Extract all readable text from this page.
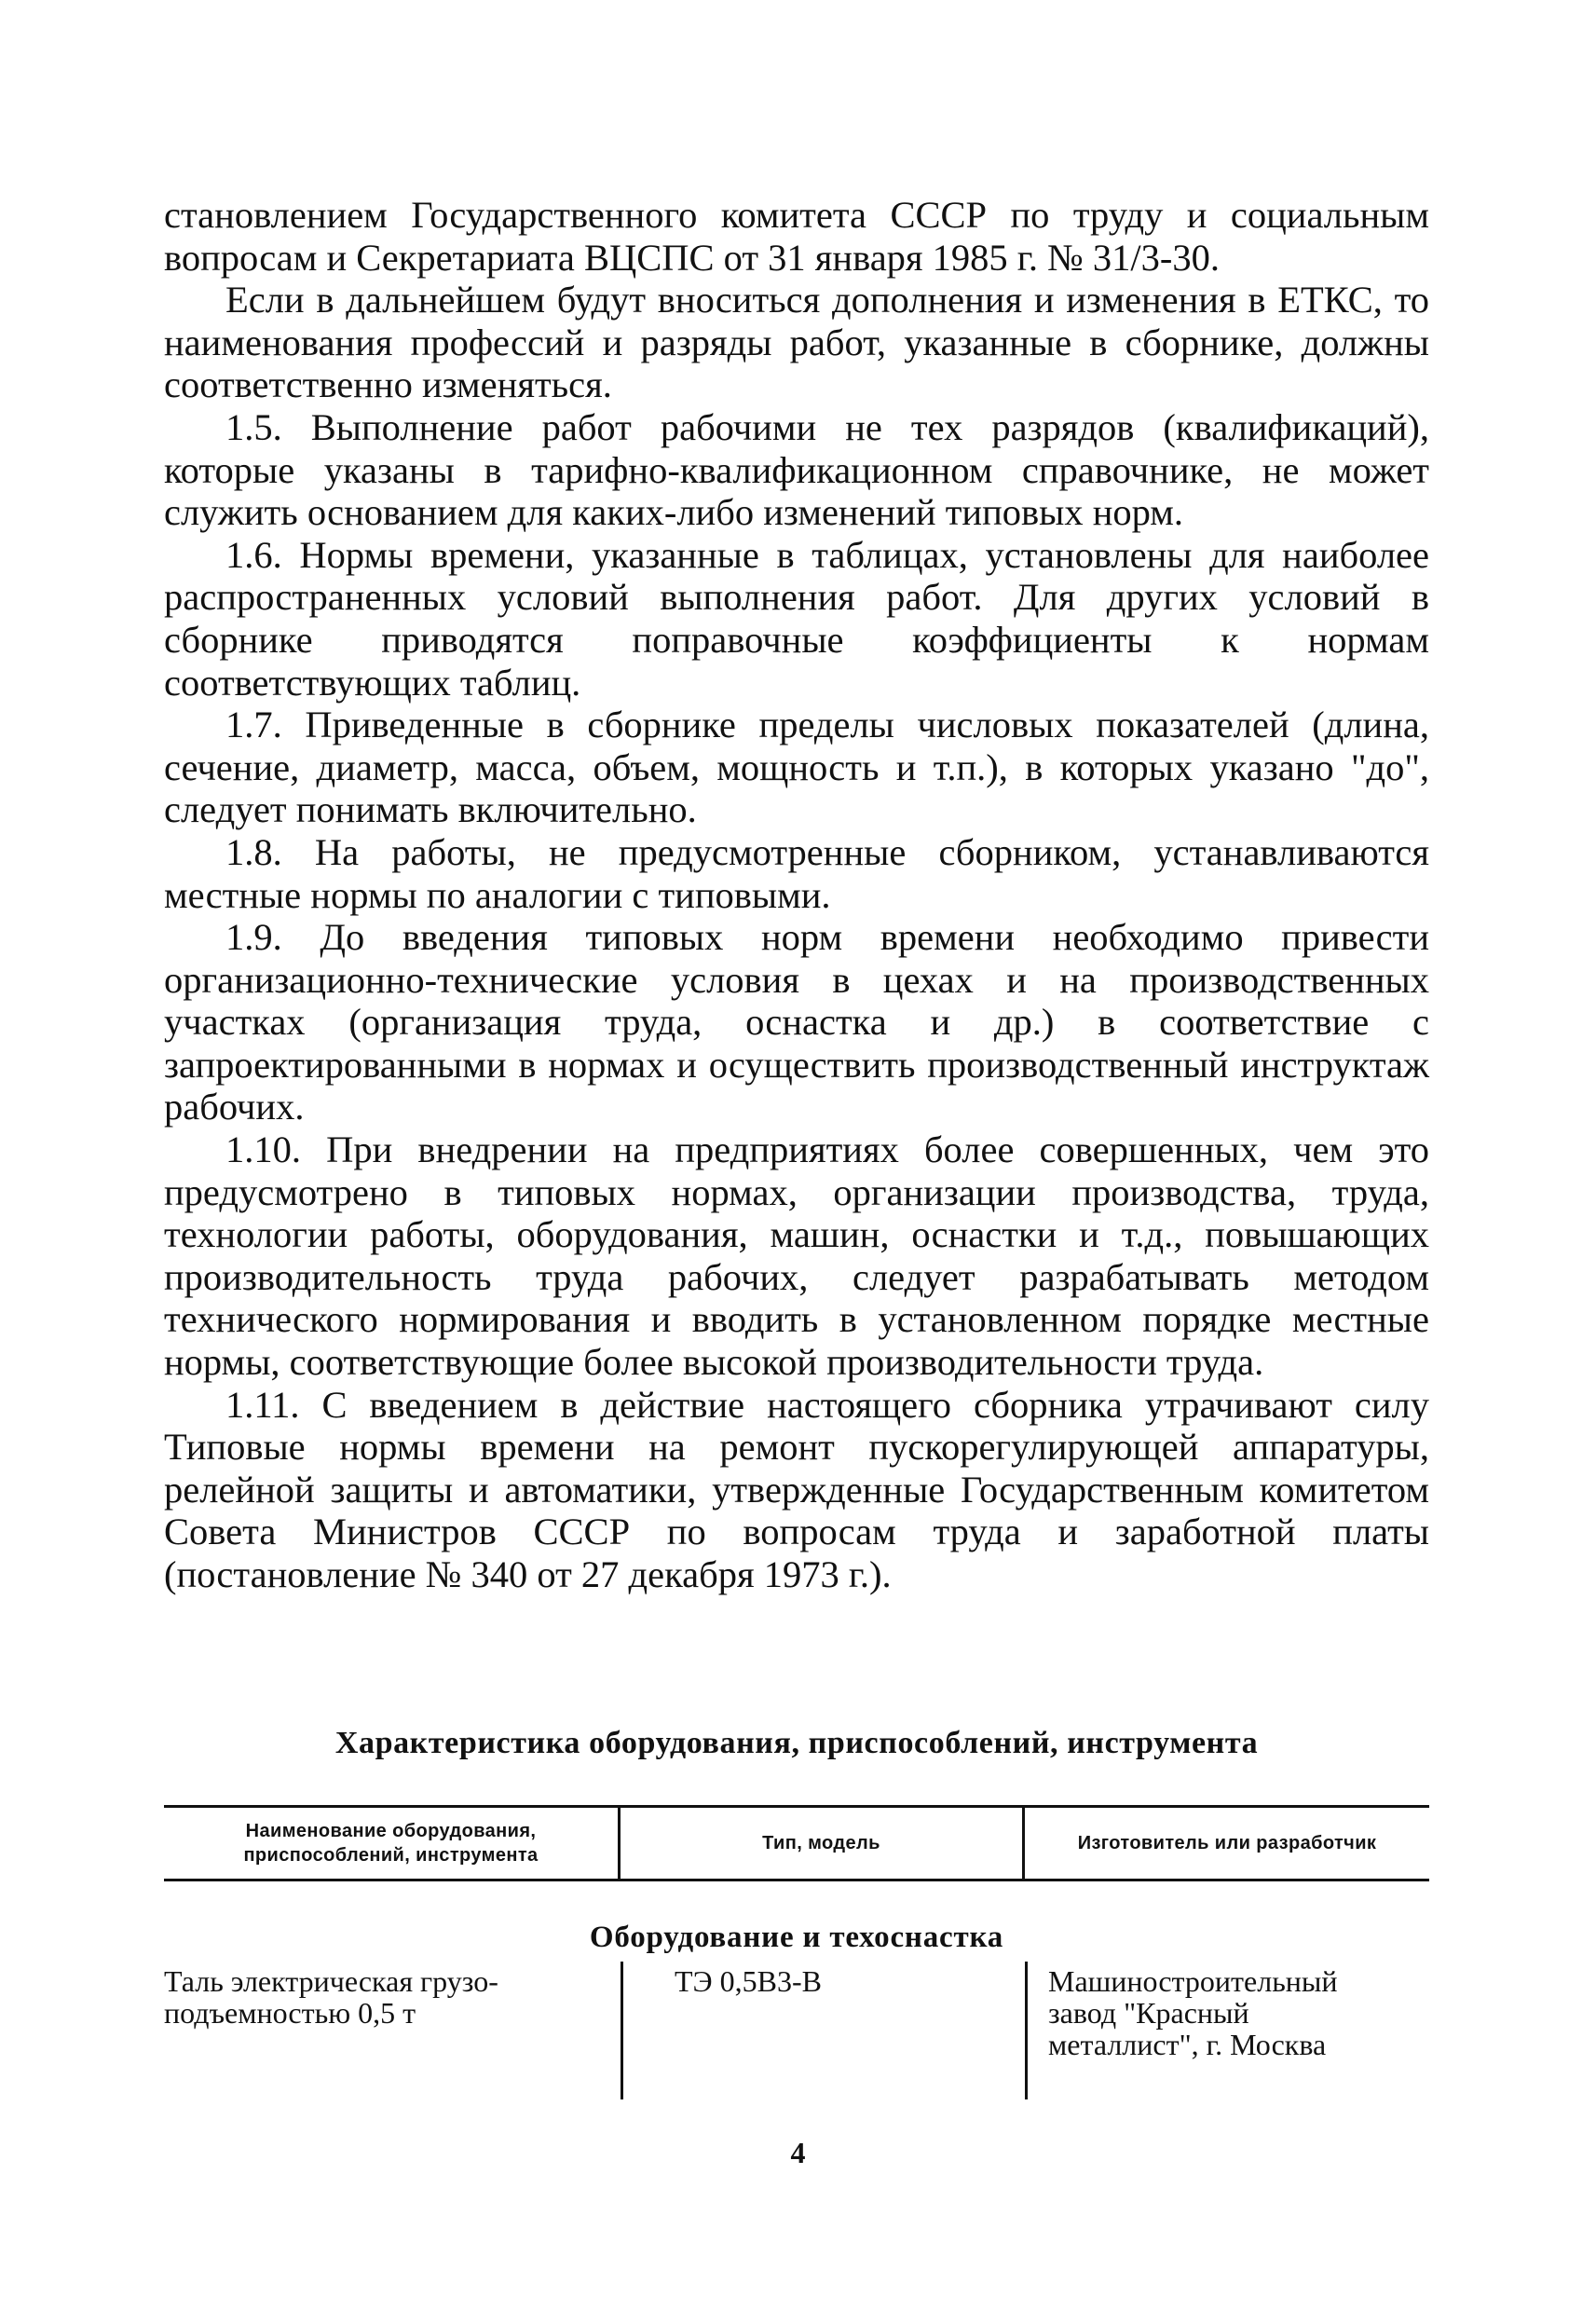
становлением Государственного комитета СССР по труду и социальным вопросам и Секретариата ВЦСПС от 31 января 1985 г. № 31/3-30.

Если в дальнейшем будут вноситься дополнения и изменения в ЕТКС, то наименования профессий и разряды работ, указанные в сборнике, должны соответственно изменяться.

1.5. Выполнение работ рабочими не тех разрядов (квалификаций), которые указаны в тарифно-квалификационном справочнике, не может служить основанием для каких-либо изменений типовых норм.

1.6. Нормы времени, указанные в таблицах, установлены для наиболее распространенных условий выполнения работ. Для других условий в сборнике приводятся поправочные коэффициенты к нормам соответствующих таблиц.

1.7. Приведенные в сборнике пределы числовых показателей (длина, сечение, диаметр, масса, объем, мощность и т.п.), в которых указано "до", следует понимать включительно.

1.8. На работы, не предусмотренные сборником, устанавливаются местные нормы по аналогии с типовыми.

1.9. До введения типовых норм времени необходимо привести организационно-технические условия в цехах и на производственных участках (организация труда, оснастка и др.) в соответствие с запроектированными в нормах и осуществить производственный инструктаж рабочих.

1.10. При внедрении на предприятиях более совершенных, чем это предусмотрено в типовых нормах, организации производства, труда, технологии работы, оборудования, машин, оснастки и т.д., повышающих производительность труда рабочих, следует разрабатывать методом технического нормирования и вводить в установленном порядке местные нормы, соответствующие более высокой производительности труда.

1.11. С введением в действие настоящего сборника утрачивают силу Типовые нормы времени на ремонт пускорегулирующей аппаратуры, релейной защиты и автоматики, утвержденные Государственным комитетом Совета Министров СССР по вопросам труда и заработной платы (постановление № 340 от 27 декабря 1973 г.).

Характеристика оборудования, приспособлений, инструмента
Наименование оборудования, приспособлений, инструмента
Тип, модель	Изготовитель или разработчик
Оборудование и техоснастка
Таль электрическая грузо-подъемностью 0,5 т
ТЭ 0,5В3-В	Машиностроительный завод "Красный металлист", г. Москва
4
